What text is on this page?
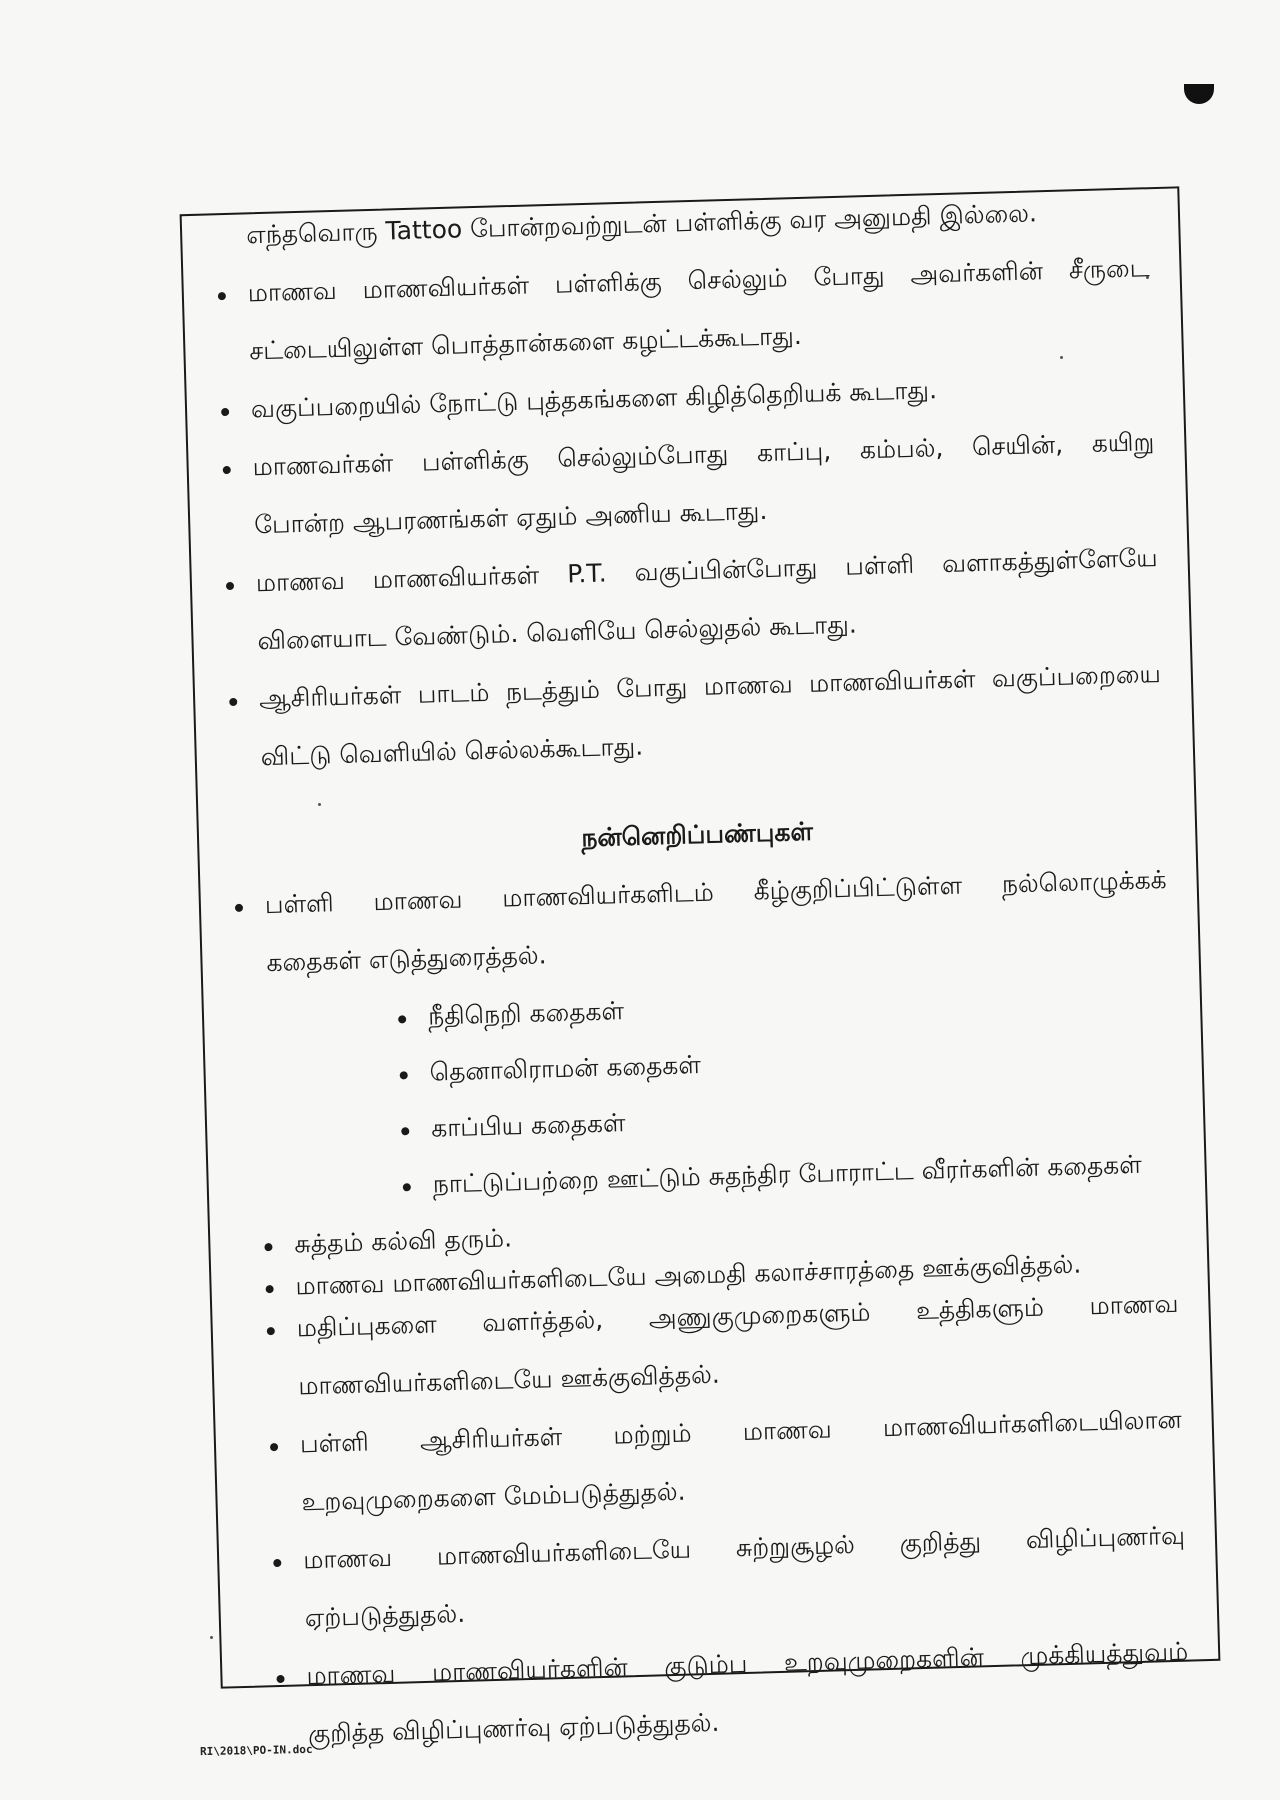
எந்தவொரு Tattoo போன்றவற்றுடன் பள்ளிக்கு வர அனுமதி இல்லை.

மாணவ மாணவியர்கள் பள்ளிக்கு செல்லும் போது அவர்களின் சீருடை
சட்டையிலுள்ள பொத்தான்களை கழட்டக்கூடாது.
வகுப்பறையில் நோட்டு புத்தகங்களை கிழித்தெறியக் கூடாது.
மாணவர்கள் பள்ளிக்கு செல்லும்போது காப்பு, கம்பல், செயின், கயிறு
போன்ற ஆபரணங்கள் ஏதும் அணிய கூடாது.
மாணவ மாணவியர்கள் P.T. வகுப்பின்போது பள்ளி வளாகத்துள்ளேயே
விளையாட வேண்டும். வெளியே செல்லுதல் கூடாது.
ஆசிரியர்கள் பாடம் நடத்தும் போது மாணவ மாணவியர்கள் வகுப்பறையை
விட்டு வெளியில் செல்லக்கூடாது.
நன்னெறிப்பண்புகள்
பள்ளி மாணவ மாணவியர்களிடம் கீழ்குறிப்பிட்டுள்ள நல்லொழுக்கக்
கதைகள் எடுத்துரைத்தல்.
நீதிநெறி கதைகள்
தெனாலிராமன் கதைகள்
காப்பிய கதைகள்
நாட்டுப்பற்றை ஊட்டும் சுதந்திர போராட்ட வீரர்களின் கதைகள்
சுத்தம் கல்வி தரும்.
மாணவ மாணவியர்களிடையே அமைதி கலாச்சாரத்தை ஊக்குவித்தல்.
மதிப்புகளை வளர்த்தல், அணுகுமுறைகளும் உத்திகளும் மாணவ
மாணவியர்களிடையே ஊக்குவித்தல்.
பள்ளி ஆசிரியர்கள் மற்றும் மாணவ மாணவியர்களிடையிலான
உறவுமுறைகளை மேம்படுத்துதல்.
மாணவ மாணவியர்களிடையே சுற்றுசூழல் குறித்து விழிப்புணர்வு
ஏற்படுத்துதல்.
மாணவ மாணவியர்களின் குடும்ப உறவுமுறைகளின் முக்கியத்துவம்
குறித்த விழிப்புணர்வு ஏற்படுத்துதல்.
RI\2018\PO-IN.doc
